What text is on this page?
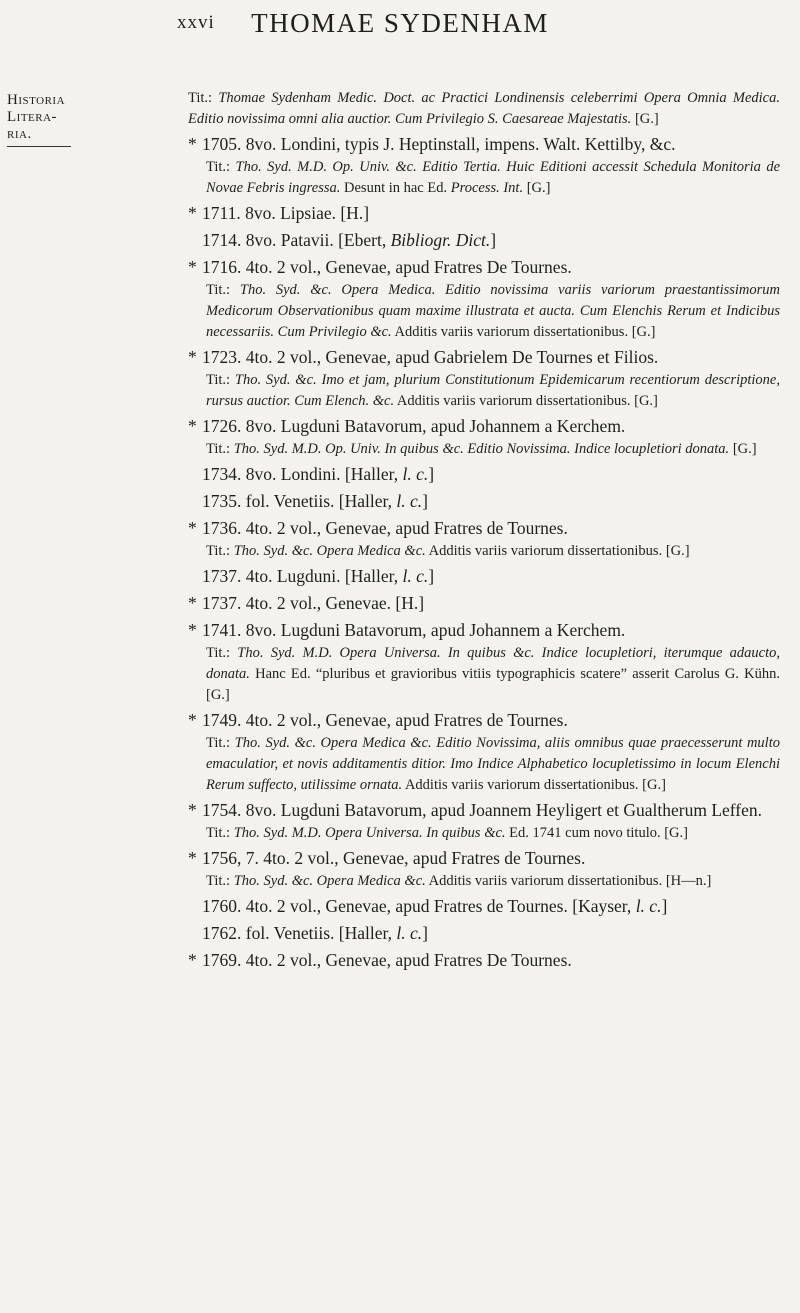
xxvi	THOMAE SYDENHAM
Historia
Litera-
ria.
Tit.: Thomae Sydenham Medic. Doct. ac Practici Londinensis celeberrimi Opera Omnia Medica. Editio novissima omni alia auctior. Cum Privilegio S. Caesareae Majestatis. [G.]
* 1705. 8vo. Londini, typis J. Heptinstall, impens. Walt. Kettilby, &c.
Tit.: Tho. Syd. M.D. Op. Univ. &c. Editio Tertia. Huic Editioni accessit Schedula Monitoria de Novae Febris ingressa. Desunt in hac Ed. Process. Int. [G.]
* 1711. 8vo. Lipsiae. [H.]
1714. 8vo. Patavii. [Ebert, Bibliogr. Dict.]
* 1716. 4to. 2 vol., Genevae, apud Fratres De Tournes.
Tit.: Tho. Syd. &c. Opera Medica. Editio novissima variis variorum praestantissimorum Medicorum Observationibus quam maxime illustrata et aucta. Cum Elenchis Rerum et Indicibus necessariis. Cum Privilegio &c. Additis variis variorum dissertationibus. [G.]
* 1723. 4to. 2 vol., Genevae, apud Gabrielem De Tournes et Filios.
Tit.: Tho. Syd. &c. Imo et jam, plurium Constitutionum Epidemicarum recentiorum descriptione, rursus auctior. Cum Elench. &c. Additis variis variorum dissertationibus. [G.]
* 1726. 8vo. Lugduni Batavorum, apud Johannem a Kerchem.
Tit.: Tho. Syd. M.D. Op. Univ. In quibus &c. Editio Novissima. Indice locupletiori donata. [G.]
1734. 8vo. Londini. [Haller, l. c.]
1735. fol. Venetiis. [Haller, l. c.]
* 1736. 4to. 2 vol., Genevae, apud Fratres de Tournes.
Tit.: Tho. Syd. &c. Opera Medica &c. Additis variis variorum dissertationibus. [G.]
1737. 4to. Lugduni. [Haller, l. c.]
* 1737. 4to. 2 vol., Genevae. [H.]
* 1741. 8vo. Lugduni Batavorum, apud Johannem a Kerchem.
Tit.: Tho. Syd. M.D. Opera Universa. In quibus &c. Indice locupletiori, iterumque adaucto, donata. Hanc Ed. “pluribus et gravioribus vitiis typographicis scatere” asserit Carolus G. Kühn. [G.]
* 1749. 4to. 2 vol., Genevae, apud Fratres de Tournes.
Tit.: Tho. Syd. &c. Opera Medica &c. Editio Novissima, aliis omnibus quae praecesserunt multo emaculatior, et novis additamentis ditior. Imo Indice Alphabetico locupletissimo in locum Elenchi Rerum suffecto, utilissime ornata. Additis variis variorum dissertationibus. [G.]
* 1754. 8vo. Lugduni Batavorum, apud Joannem Heyligert et Gualtherum Leffen.
Tit.: Tho. Syd. M.D. Opera Universa. In quibus &c. Ed. 1741 cum novo titulo. [G.]
* 1756, 7. 4to. 2 vol., Genevae, apud Fratres de Tournes.
Tit.: Tho. Syd. &c. Opera Medica &c. Additis variis variorum dissertationibus. [H—n.]
1760. 4to. 2 vol., Genevae, apud Fratres de Tournes. [Kayser, l. c.]
1762. fol. Venetiis. [Haller, l. c.]
* 1769. 4to. 2 vol., Genevae, apud Fratres De Tournes.
